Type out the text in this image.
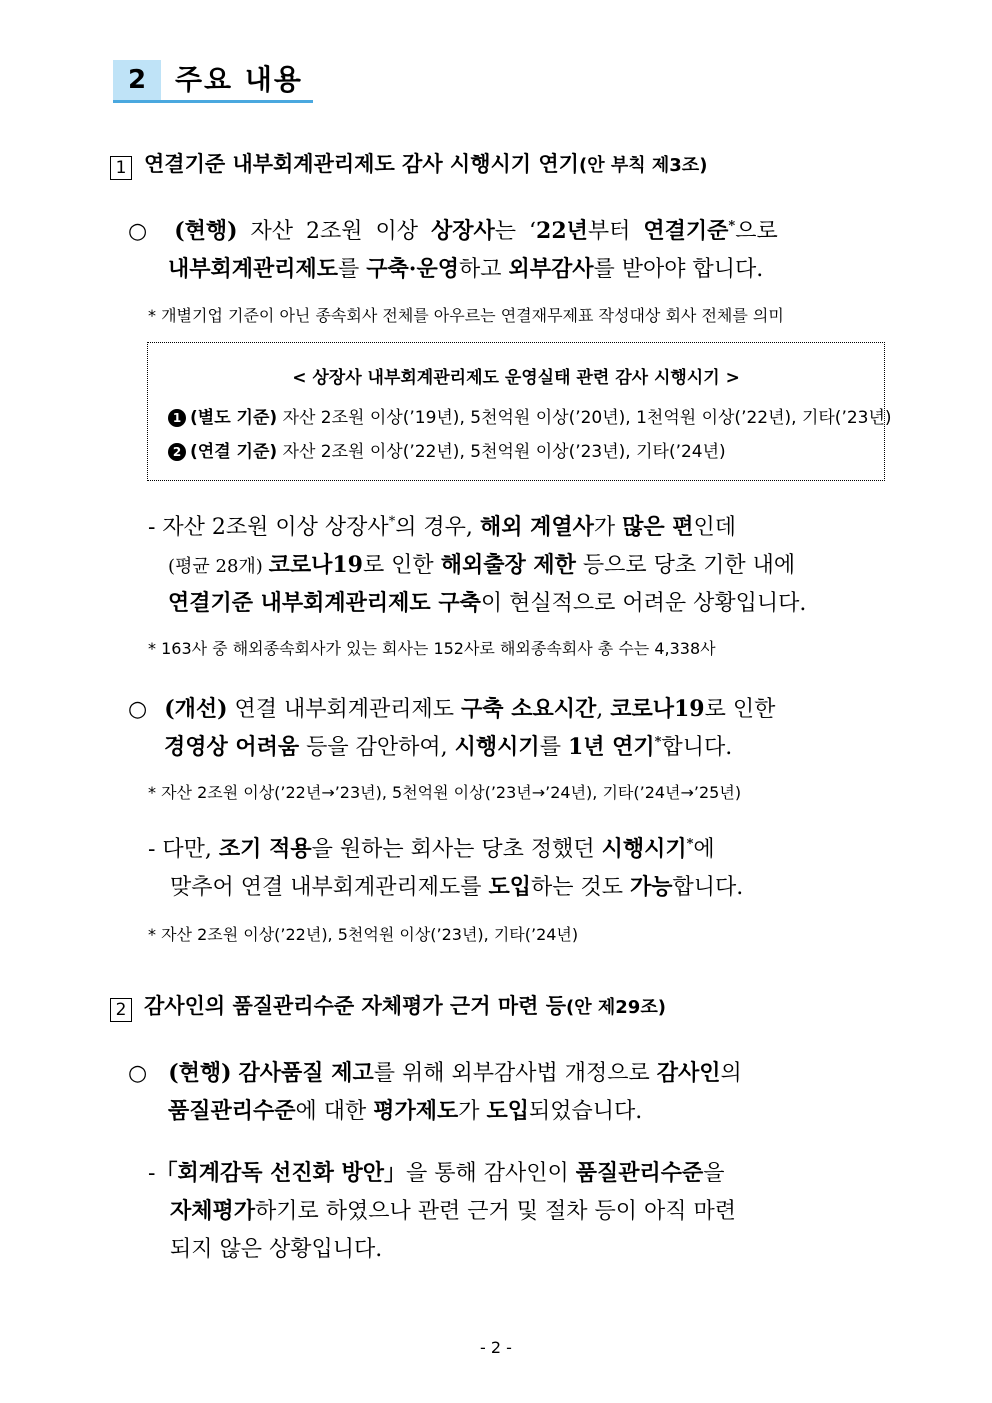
2	주요 내용
1 연결기준 내부회계관리제도 감사 시행시기 연기(안 부칙 제3조)
○ (현행) 자산 2조원 이상 상장사는 ‘22년부터 연결기준*으로
내부회계관리제도를 구축·운영하고 외부감사를 받아야 합니다.
* 개별기업 기준이 아닌 종속회사 전체를 아우르는 연결재무제표 작성대상 회사 전체를 의미
< 상장사 내부회계관리제도 운영실태 관련 감사 시행시기 >
1 (별도 기준) 자산 2조원 이상(’19년), 5천억원 이상(’20년), 1천억원 이상(’22년), 기타(’23년)
2 (연결 기준) 자산 2조원 이상(’22년), 5천억원 이상(’23년), 기타(’24년)
- 자산 2조원 이상 상장사*의 경우, 해외 계열사가 많은 편인데
(평균 28개) 코로나19로 인한 해외출장 제한 등으로 당초 기한 내에
연결기준 내부회계관리제도 구축이 현실적으로 어려운 상황입니다.
* 163사 중 해외종속회사가 있는 회사는 152사로 해외종속회사 총 수는 4,338사
○ (개선) 연결 내부회계관리제도 구축 소요시간, 코로나19로 인한
경영상 어려움 등을 감안하여, 시행시기를 1년 연기*합니다.
* 자산 2조원 이상(’22년→’23년), 5천억원 이상(’23년→’24년), 기타(’24년→’25년)
- 다만, 조기 적용을 원하는 회사는 당초 정했던 시행시기*에
맞추어 연결 내부회계관리제도를 도입하는 것도 가능합니다.
* 자산 2조원 이상(’22년), 5천억원 이상(’23년), 기타(’24년)
2 감사인의 품질관리수준 자체평가 근거 마련 등(안 제29조)
○ (현행) 감사품질 제고를 위해 외부감사법 개정으로 감사인의
품질관리수준에 대한 평가제도가 도입되었습니다.
-「회계감독 선진화 방안」을 통해 감사인이 품질관리수준을
자체평가하기로 하였으나 관련 근거 및 절차 등이 아직 마련
되지 않은 상황입니다.
- 2 -
